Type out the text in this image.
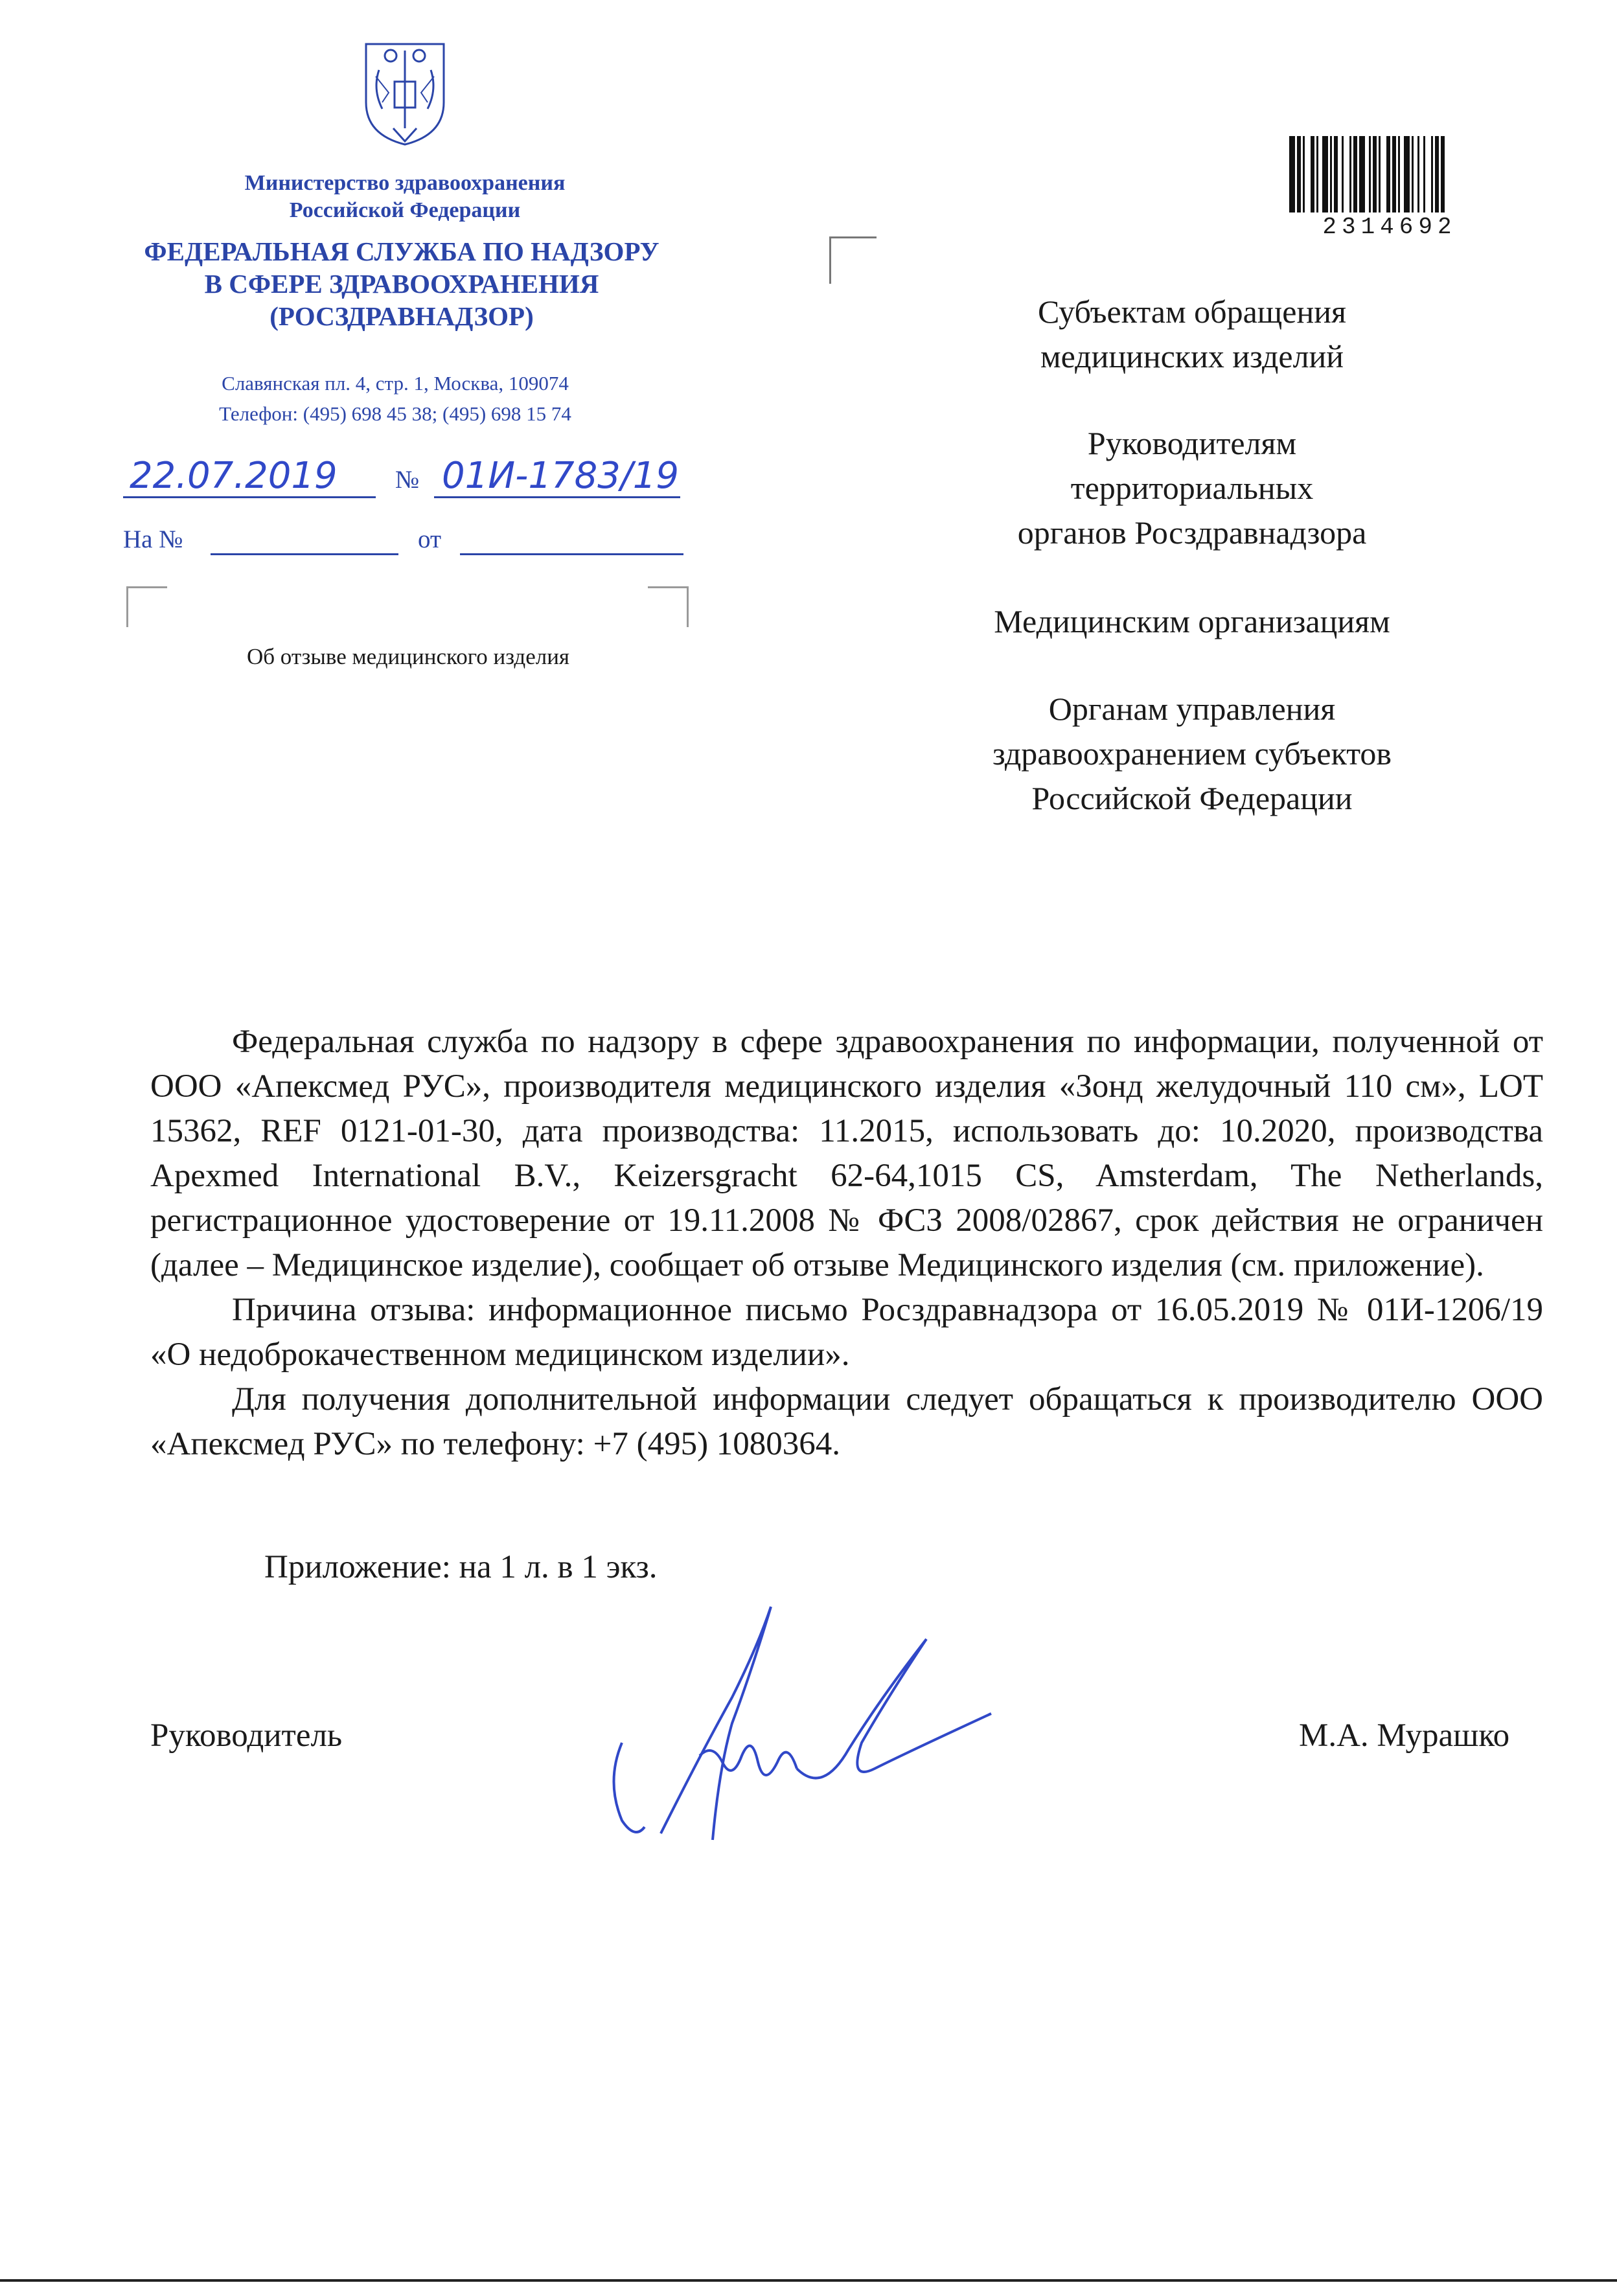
Министерство здравоохранения
Российской Федерации
ФЕДЕРАЛЬНАЯ СЛУЖБА ПО НАДЗОРУ
В СФЕРЕ ЗДРАВООХРАНЕНИЯ
(РОСЗДРАВНАДЗОР)
Славянская пл. 4, стр. 1, Москва, 109074
Телефон: (495) 698 45 38; (495) 698 15 74
22.07.2019 № 01И-1783/19
На №	от
Об отзыве медицинского изделия
2314692
Субъектам обращения
медицинских изделий
Руководителям
территориальных
органов Росздравнадзора
Медицинским организациям
Органам управления
здравоохранением субъектов
Российской Федерации

Федеральная служба по надзору в сфере здравоохранения по информации, полученной от ООО «Апексмед РУС», производителя медицинского изделия «Зонд желудочный 110 см», LOT 15362, REF 0121-01-30, дата производства: 11.2015, использовать до: 10.2020, производства Apexmed International B.V., Keizersgracht 62-64,1015 CS, Amsterdam, The Netherlands, регистрационное удостоверение от 19.11.2008 № ФСЗ 2008/02867, срок действия не ограничен (далее – Медицинское изделие), сообщает об отзыве Медицинского изделия (см. приложение).

Причина отзыва: информационное письмо Росздравнадзора от 16.05.2019 № 01И-1206/19 «О недоброкачественном медицинском изделии».

Для получения дополнительной информации следует обращаться к производителю ООО «Апексмед РУС» по телефону: +7 (495) 1080364.

Приложение: на 1 л. в 1 экз.
Руководитель	М.А. Мурашко
